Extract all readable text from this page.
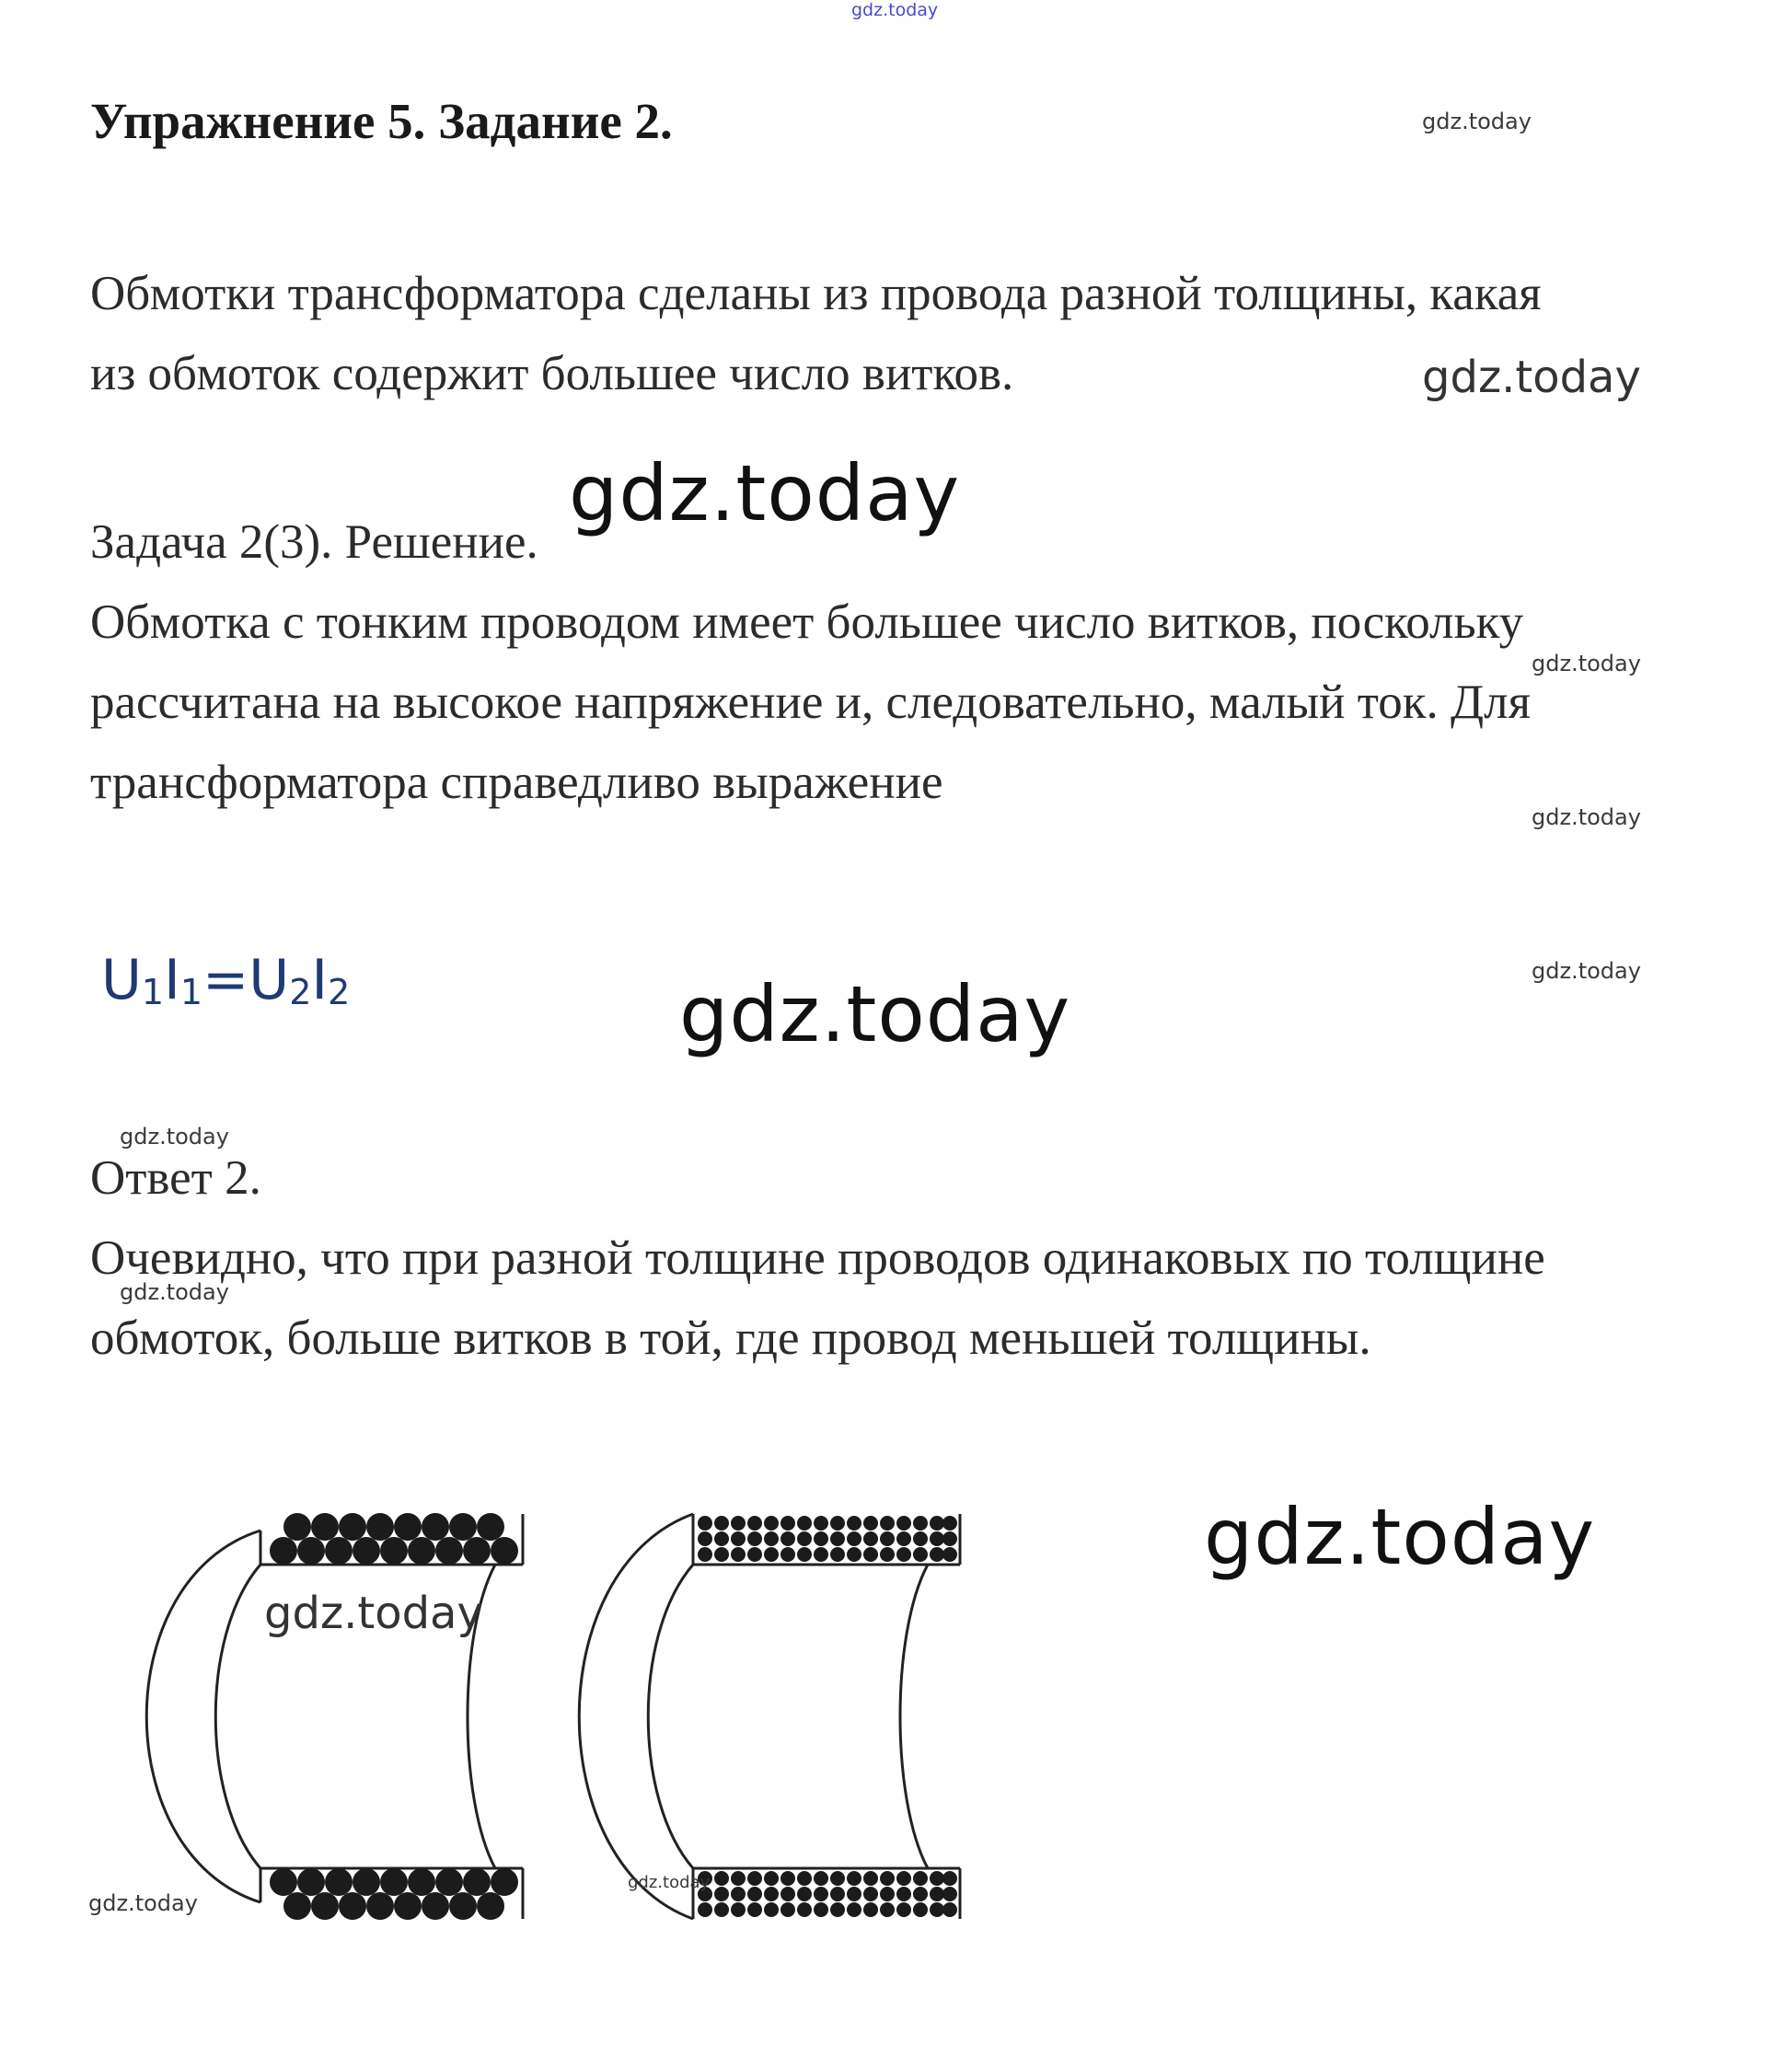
gdz.today
gdz.today
gdz.today
gdz.today
gdz.today
gdz.today
gdz.today
gdz.today
gdz.today
gdz.today
gdz.today
Упражнение 5. Задание 2.

Обмотки трансформатора сделаны из провода разной толщины, какая

из обмоток содержит большее число витков.

Задача 2(3). Решение.

Обмотка с тонким проводом имеет большее число витков, поскольку

рассчитана на высокое напряжение и, следовательно, малый ток. Для

трансформатора справедливо выражение

$U_1I_1=U_2I_2$

Ответ 2.

Очевидно, что при разной толщине проводов одинаковых по толщине

обмоток, больше витков в той, где провод меньшей толщины.

gdz.today
gdz.today
gdz.today
